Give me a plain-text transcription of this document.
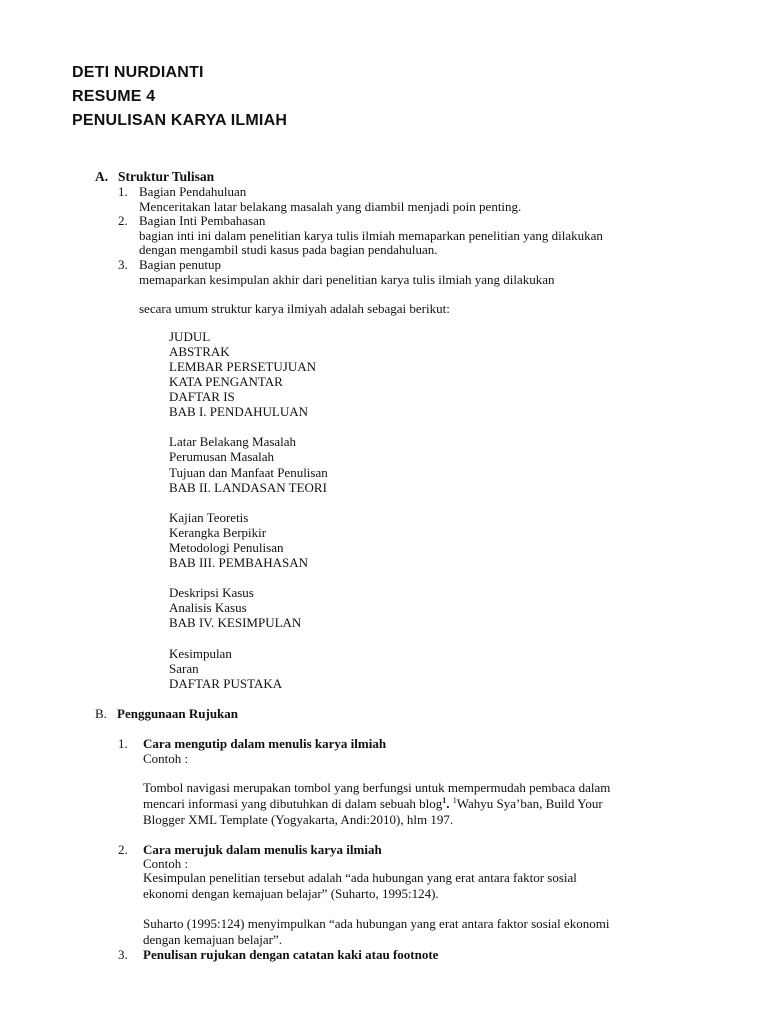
DETI NURDIANTI
RESUME 4
PENULISAN KARYA ILMIAH
A. Struktur Tulisan
1. Bagian Pendahuluan
Menceritakan latar belakang masalah yang diambil menjadi poin penting.
2. Bagian Inti Pembahasan
bagian inti ini dalam penelitian karya tulis ilmiah memaparkan penelitian yang dilakukan
dengan mengambil studi kasus pada bagian pendahuluan.
3. Bagian penutup
memaparkan kesimpulan akhir dari penelitian karya tulis ilmiah yang dilakukan
secara umum struktur karya ilmiyah adalah sebagai berikut:
JUDUL
ABSTRAK
LEMBAR PERSETUJUAN
KATA PENGANTAR
DAFTAR IS
BAB I. PENDAHULUAN
Latar Belakang Masalah
Perumusan Masalah
Tujuan dan Manfaat Penulisan
BAB II. LANDASAN TEORI
Kajian Teoretis
Kerangka Berpikir
Metodologi Penulisan
BAB III. PEMBAHASAN
Deskripsi Kasus
Analisis Kasus
BAB IV. KESIMPULAN
Kesimpulan
Saran
DAFTAR PUSTAKA
B. Penggunaan Rujukan
1. Cara mengutip dalam menulis karya ilmiah
Contoh :
Tombol navigasi merupakan tombol yang berfungsi untuk mempermudah pembaca dalam
mencari informasi yang dibutuhkan di dalam sebuah blog$^1$. $^1$Wahyu Sya’ban, Build Your
Blogger XML Template (Yogyakarta, Andi:2010), hlm 197.
2. Cara merujuk dalam menulis karya ilmiah
Contoh :
Kesimpulan penelitian tersebut adalah “ada hubungan yang erat antara faktor sosial
ekonomi dengan kemajuan belajar” (Suharto, 1995:124).
Suharto (1995:124) menyimpulkan “ada hubungan yang erat antara faktor sosial ekonomi
dengan kemajuan belajar”.
3. Penulisan rujukan dengan catatan kaki atau footnote
